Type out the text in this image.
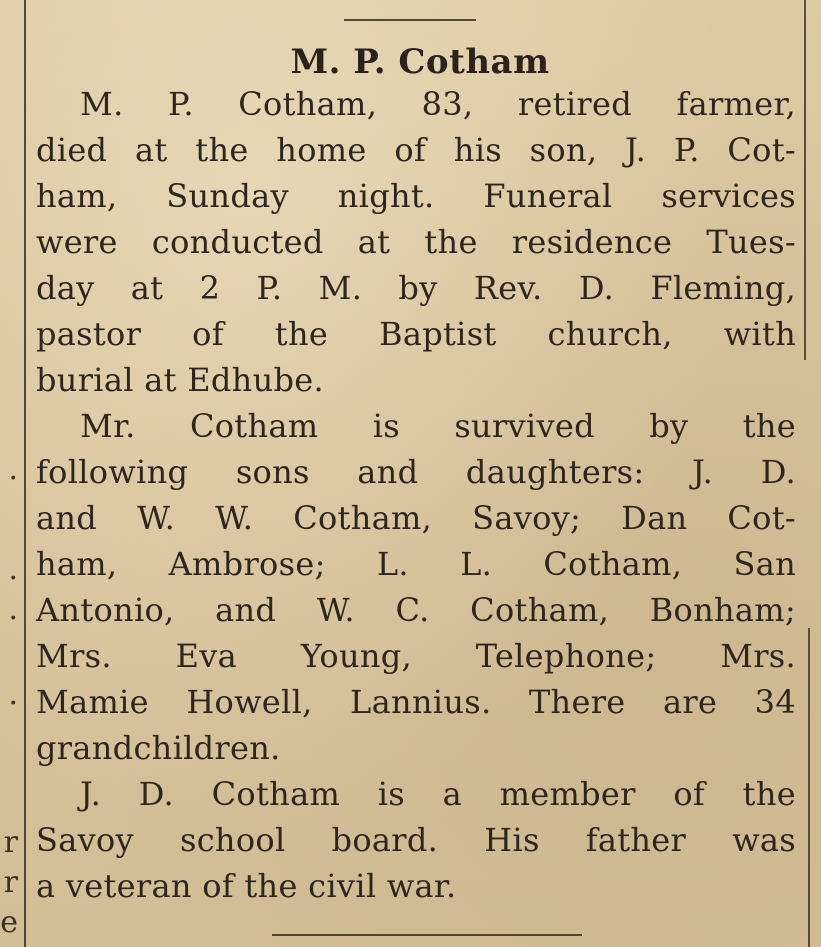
.
.
.
.
r
r
e
M. P. Cotham
M. P. Cotham, 83, retired farmer,
died at the home of his son, J. P. Cot-
ham, Sunday night. Funeral services
were conducted at the residence Tues-
day at 2 P. M. by Rev. D. Fleming,
pastor of the Baptist church, with
burial at Edhube.
Mr. Cotham is survived by the
following sons and daughters: J. D.
and W. W. Cotham, Savoy; Dan Cot-
ham, Ambrose; L. L. Cotham, San
Antonio, and W. C. Cotham, Bonham;
Mrs. Eva Young, Telephone; Mrs.
Mamie Howell, Lannius. There are 34
grandchildren.
J. D. Cotham is a member of the
Savoy school board. His father was
a veteran of the civil war.
